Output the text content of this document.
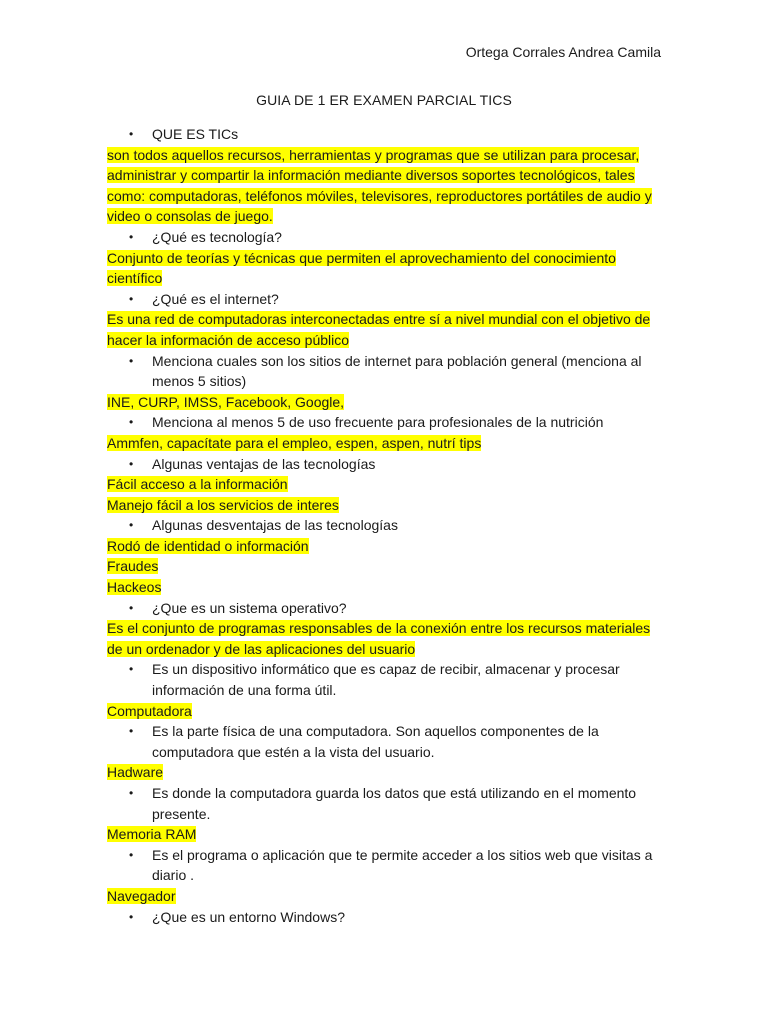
Ortega Corrales Andrea Camila
GUIA DE 1 ER EXAMEN PARCIAL TICS

• QUE ES TICs

son todos aquellos recursos, herramientas y programas que se utilizan para procesar, administrar y compartir la información mediante diversos soportes tecnológicos, tales como: computadoras, teléfonos móviles, televisores, reproductores portátiles de audio y video o consolas de juego.

• ¿Qué es tecnología?

Conjunto de teorías y técnicas que permiten el aprovechamiento del conocimiento científico

• ¿Qué es el internet?

Es una red de computadoras interconectadas entre sí a nivel mundial con el objetivo de hacer la información de acceso público

• Menciona cuales son los sitios de internet para población general (menciona al menos 5 sitios)

INE, CURP, IMSS, Facebook, Google,

• Menciona al menos 5 de uso frecuente para profesionales de la nutrición

Ammfen, capacítate para el empleo, espen, aspen, nutrí tips

• Algunas ventajas de las tecnologías

Fácil acceso a la información

Manejo fácil a los servicios de interes

• Algunas desventajas de las tecnologías

Rodó de identidad o información

Fraudes

Hackeos

• ¿Que es un sistema operativo?

Es el conjunto de programas responsables de la conexión entre los recursos materiales de un ordenador y de las aplicaciones del usuario

• Es un dispositivo informático que es capaz de recibir, almacenar y procesar información de una forma útil.

Computadora

• Es la parte física de una computadora. Son aquellos componentes de la computadora que estén a la vista del usuario.

Hadware

• Es donde la computadora guarda los datos que está utilizando en el momento presente.

Memoria RAM

• Es el programa o aplicación que te permite acceder a los sitios web que visitas a diario .

Navegador

• ¿Que es un entorno Windows?
